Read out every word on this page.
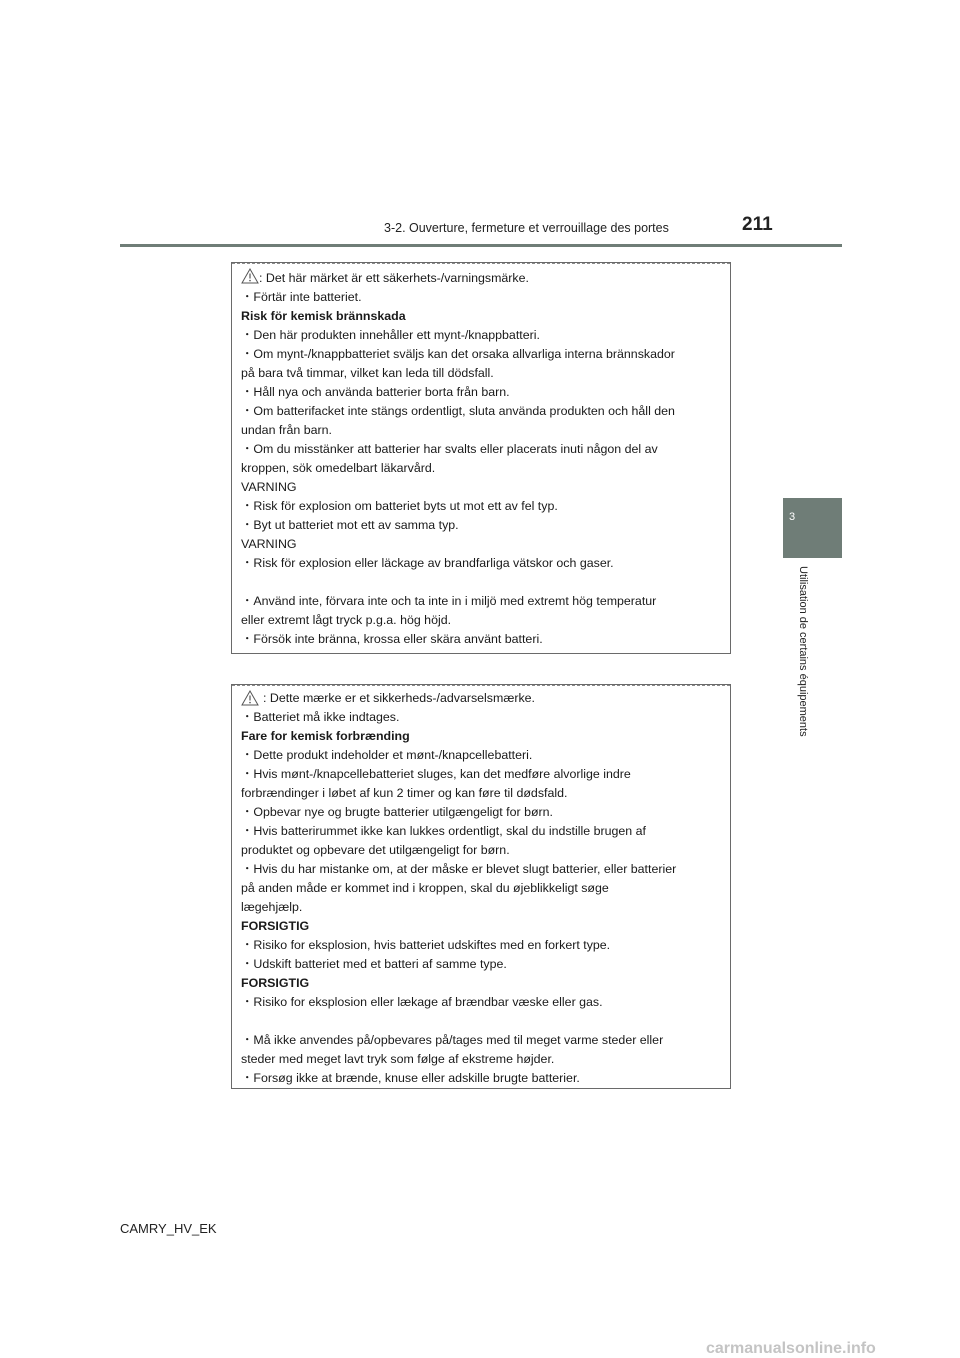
3-2. Ouverture, fermeture et verrouillage des portes	211
3
Utilisation de certains équipements
: Det här märket är ett säkerhets-/varningsmärke.
・Förtär inte batteriet.
Risk för kemisk brännskada
・Den här produkten innehåller ett mynt-/knappbatteri.
・Om mynt-/knappbatteriet sväljs kan det orsaka allvarliga interna brännskador
på bara två timmar, vilket kan leda till dödsfall.
・Håll nya och använda batterier borta från barn.
・Om batterifacket inte stängs ordentligt, sluta använda produkten och håll den
undan från barn.
・Om du misstänker att batterier har svalts eller placerats inuti någon del av
kroppen, sök omedelbart läkarvård.
VARNING
・Risk för explosion om batteriet byts ut mot ett av fel typ.
・Byt ut batteriet mot ett av samma typ.
VARNING
・Risk för explosion eller läckage av brandfarliga vätskor och gaser.
・Använd inte, förvara inte och ta inte in i miljö med extremt hög temperatur
eller extremt lågt tryck p.g.a. hög höjd.
・Försök inte bränna, krossa eller skära använt batteri.
: Dette mærke er et sikkerheds-/advarselsmærke.
・Batteriet må ikke indtages.
Fare for kemisk forbrænding
・Dette produkt indeholder et mønt-/knapcellebatteri.
・Hvis mønt-/knapcellebatteriet sluges, kan det medføre alvorlige indre
forbrændinger i løbet af kun 2 timer og kan føre til dødsfald.
・Opbevar nye og brugte batterier utilgængeligt for børn.
・Hvis batterirummet ikke kan lukkes ordentligt, skal du indstille brugen af
produktet og opbevare det utilgængeligt for børn.
・Hvis du har mistanke om, at der måske er blevet slugt batterier, eller batterier
på anden måde er kommet ind i kroppen, skal du øjeblikkeligt søge
lægehjælp.
FORSIGTIG
・Risiko for eksplosion, hvis batteriet udskiftes med en forkert type.
・Udskift batteriet med et batteri af samme type.
FORSIGTIG
・Risiko for eksplosion eller lækage af brændbar væske eller gas.
・Må ikke anvendes på/opbevares på/tages med til meget varme steder eller
steder med meget lavt tryk som følge af ekstreme højder.
・Forsøg ikke at brænde, knuse eller adskille brugte batterier.
CAMRY_HV_EK
carmanualsonline.info
